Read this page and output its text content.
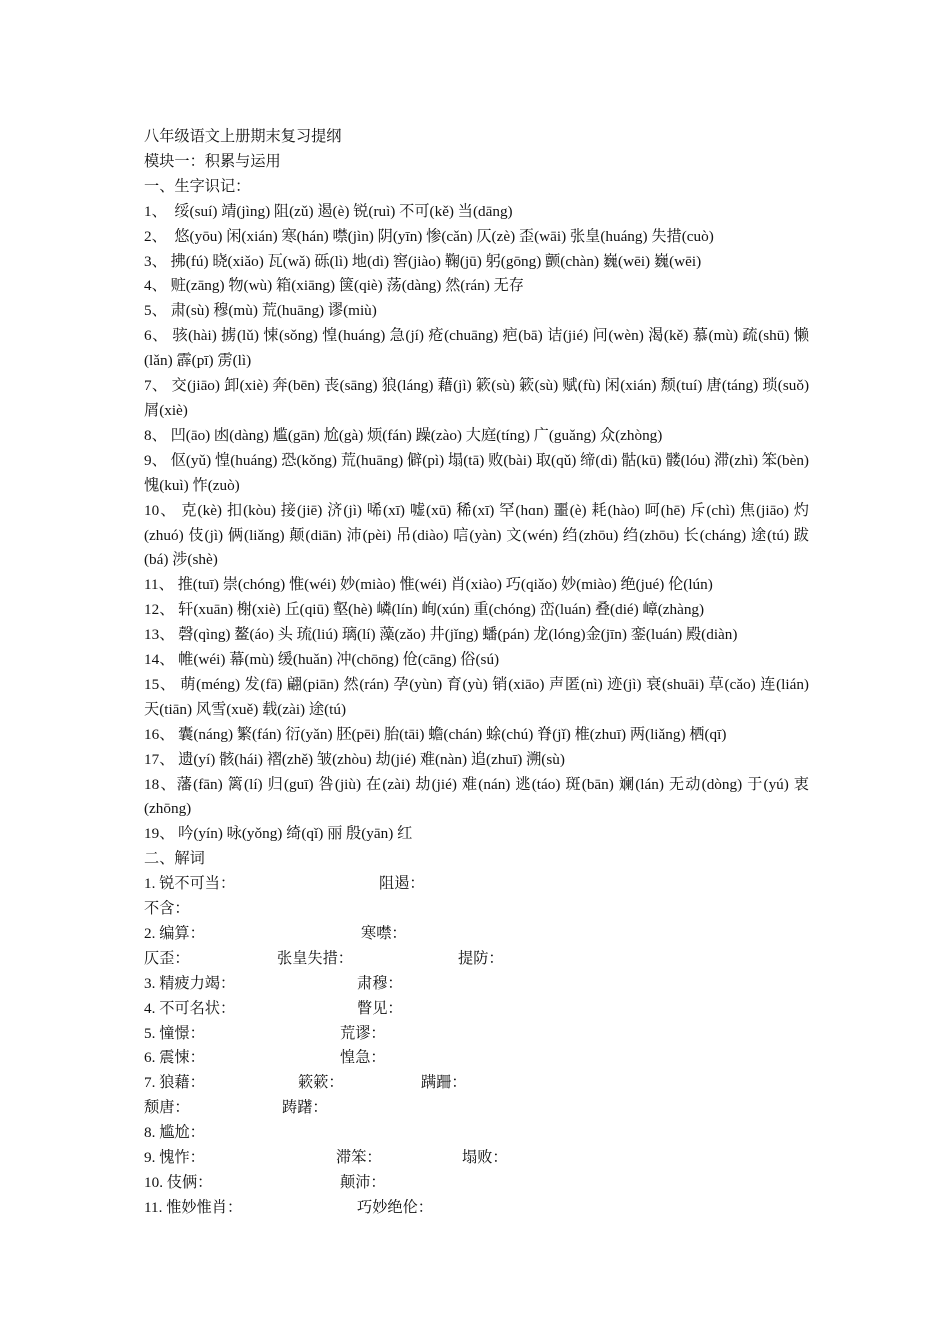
八年级语文上册期末复习提纲
模块一：积累与运用
一、生字识记：
1、　绥(suí) 靖(jìng) 阻(zǔ) 遏(è) 锐(ruì) 不可(kě) 当(dāng)
2、　悠(yōu) 闲(xián) 寒(hán) 噤(jìn) 阴(yīn) 惨(cǎn) 仄(zè) 歪(wāi) 张皇(huáng) 失措(cuò)
3、 拂(fú) 晓(xiǎo) 瓦(wǎ) 砾(lì) 地(dì) 窖(jiào) 鞠(jū) 躬(gōng) 颤(chàn) 巍(wēi) 巍(wēi)
4、 赃(zāng) 物(wù) 箱(xiāng) 箧(qiè) 荡(dàng) 然(rán) 无存
5、 肃(sù) 穆(mù) 荒(huāng) 谬(miù)
6、 骇(hài) 掳(lǔ) 悚(sǒng) 惶(huáng) 急(jí) 疮(chuāng) 疤(bā) 诘(jié) 问(wèn) 渴(kě) 慕(mù) 疏(shū) 懒(lǎn) 霹(pī) 雳(lì)
7、 交(jiāo) 卸(xiè) 奔(bēn) 丧(sāng) 狼(láng) 藉(jì) 簌(sù) 簌(sù) 赋(fù) 闲(xián) 颓(tuí) 唐(táng) 琐(suǒ) 屑(xiè)
8、 凹(āo) 凼(dàng) 尴(gān) 尬(gà) 烦(fán) 躁(zào) 大庭(tíng) 广(guǎng) 众(zhòng)
9、 伛(yǔ) 惶(huáng) 恐(kǒng) 荒(huāng) 僻(pì) 塌(tā) 败(bài) 取(qǔ) 缔(dì) 骷(kū) 髅(lóu) 滞(zhì) 笨(bèn) 愧(kuì) 怍(zuò)
10、 克(kè) 扣(kòu) 接(jiē) 济(jì) 唏(xī) 嘘(xū) 稀(xī) 罕(hɑn) 噩(è) 耗(hào) 呵(hē) 斥(chì) 焦(jiāo) 灼(zhuó) 伎(jì) 俩(liǎng) 颠(diān) 沛(pèi) 吊(diào) 唁(yàn) 文(wén) 绉(zhōu) 绉(zhōu) 长(cháng) 途(tú) 跋(bá) 涉(shè)
11、 推(tuī) 崇(chóng) 惟(wéi) 妙(miào) 惟(wéi) 肖(xiào) 巧(qiǎo) 妙(miào) 绝(jué) 伦(lún)
12、 轩(xuān) 榭(xiè) 丘(qiū) 壑(hè) 嶙(lín) 峋(xún) 重(chóng) 峦(luán) 叠(dié) 嶂(zhàng)
13、 磬(qìng) 鳌(áo) 头 琉(liú) 璃(lí) 藻(zǎo) 井(jǐng) 蟠(pán) 龙(lóng)金(jīn) 銮(luán) 殿(diàn)
14、 帷(wéi) 幕(mù) 缓(huǎn) 冲(chōng) 伧(cāng) 俗(sú)
15、 萌(méng) 发(fā) 翩(piān) 然(rán) 孕(yùn) 育(yù) 销(xiāo) 声匿(nì) 迹(jì) 衰(shuāi) 草(cǎo) 连(lián) 天(tiān) 风雪(xuě) 载(zài) 途(tú)
16、 囊(náng) 繁(fán) 衍(yǎn) 胚(pēi) 胎(tāi) 蟾(chán) 蜍(chú) 脊(jǐ) 椎(zhuī) 两(liǎng) 栖(qī)
17、 遗(yí) 骸(hái) 褶(zhě) 皱(zhòu) 劫(jié) 难(nàn) 追(zhuī) 溯(sù)
18、藩(fān) 篱(lí) 归(guī) 咎(jiù) 在(zài) 劫(jié) 难(nán) 逃(táo) 斑(bān) 斓(lán) 无动(dòng) 于(yú) 衷(zhōng)
19、 吟(yín) 咏(yǒng) 绮(qǐ) 丽 殷(yān) 红
二、解词
1. 锐不可当：	阻遏：
不含：
2. 编算：	寒噤：
仄歪：	张皇失措：	提防：
3. 精疲力竭：	肃穆：
4. 不可名状：	瞥见：
5. 憧憬：	荒谬：
6. 震悚：	惶急：
7. 狼藉：	簌簌：	蹒跚：
颓唐：	踌躇：
8. 尴尬：
9. 愧怍：	滞笨：	塌败：
10. 伎俩：	颠沛：
11. 惟妙惟肖：	巧妙绝伦：
